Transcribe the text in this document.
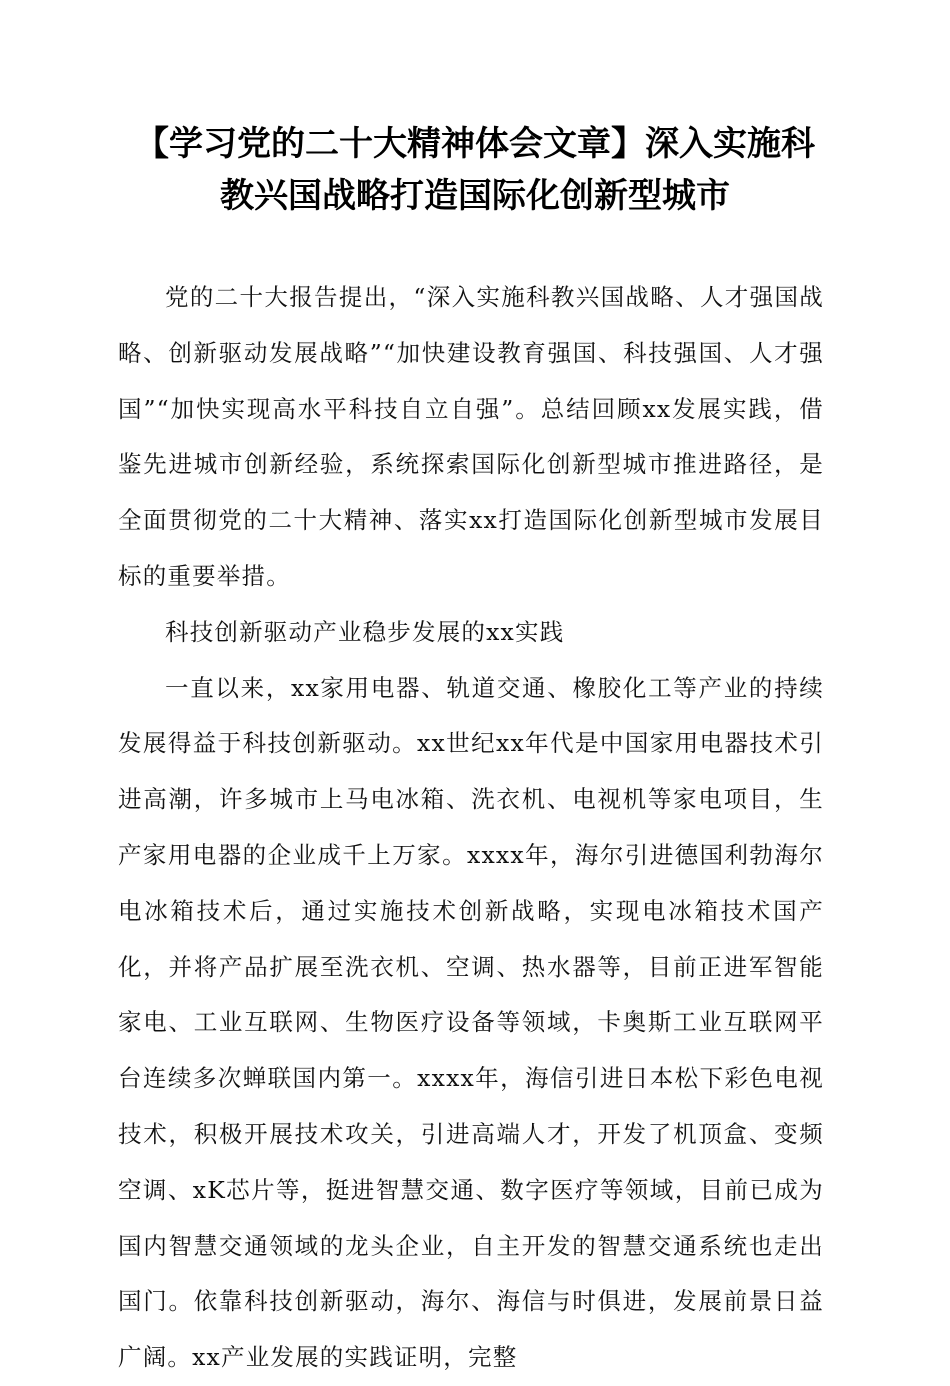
【学习党的二十大精神体会文章】深入实施科
教兴国战略打造国际化创新型城市

党的二十大报告提出，“深入实施科教兴国战略、人才强国战略、创新驱动发展战略”“加快建设教育强国、科技强国、人才强国”“加快实现高水平科技自立自强”。总结回顾xx发展实践，借鉴先进城市创新经验，系统探索国际化创新型城市推进路径，是全面贯彻党的二十大精神、落实xx打造国际化创新型城市发展目标的重要举措。

科技创新驱动产业稳步发展的xx实践

一直以来，xx家用电器、轨道交通、橡胶化工等产业的持续发展得益于科技创新驱动。xx世纪xx年代是中国家用电器技术引进高潮，许多城市上马电冰箱、洗衣机、电视机等家电项目，生产家用电器的企业成千上万家。xxxx年，海尔引进德国利勃海尔电冰箱技术后，通过实施技术创新战略，实现电冰箱技术国产化，并将产品扩展至洗衣机、空调、热水器等，目前正进军智能家电、工业互联网、生物医疗设备等领域，卡奥斯工业互联网平台连续多次蝉联国内第一。xxxx年，海信引进日本松下彩色电视技术，积极开展技术攻关，引进高端人才，开发了机顶盒、变频空调、xK芯片等，挺进智慧交通、数字医疗等领域，目前已成为国内智慧交通领域的龙头企业，自主开发的智慧交通系统也走出国门。依靠科技创新驱动，海尔、海信与时俱进，发展前景日益广阔。xx产业发展的实践证明，完整
